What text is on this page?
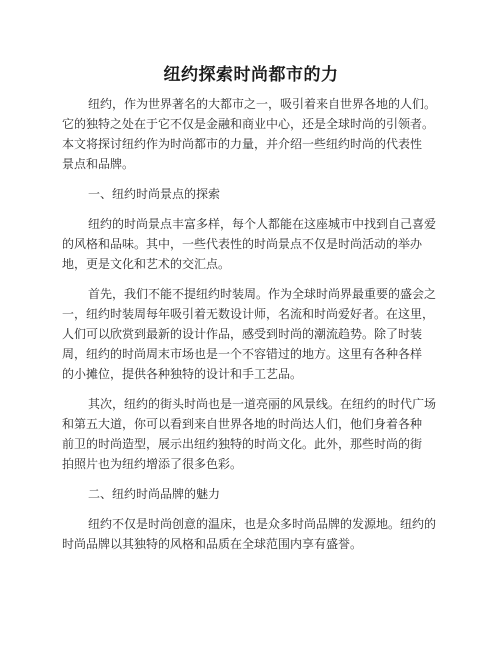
纽约探索时尚都市的力
纽约，作为世界著名的大都市之一，吸引着来自世界各地的人们。
它的独特之处在于它不仅是金融和商业中心，还是全球时尚的引领者。
本文将探讨纽约作为时尚都市的力量，并介绍一些纽约时尚的代表性
景点和品牌。
一、纽约时尚景点的探索
纽约的时尚景点丰富多样，每个人都能在这座城市中找到自己喜爱
的风格和品味。其中，一些代表性的时尚景点不仅是时尚活动的举办
地，更是文化和艺术的交汇点。
首先，我们不能不提纽约时装周。作为全球时尚界最重要的盛会之
一，纽约时装周每年吸引着无数设计师，名流和时尚爱好者。在这里，
人们可以欣赏到最新的设计作品，感受到时尚的潮流趋势。除了时装
周，纽约的时尚周末市场也是一个不容错过的地方。这里有各种各样
的小摊位，提供各种独特的设计和手工艺品。
其次，纽约的街头时尚也是一道亮丽的风景线。在纽约的时代广场
和第五大道，你可以看到来自世界各地的时尚达人们，他们身着各种
前卫的时尚造型，展示出纽约独特的时尚文化。此外，那些时尚的街
拍照片也为纽约增添了很多色彩。
二、纽约时尚品牌的魅力
纽约不仅是时尚创意的温床，也是众多时尚品牌的发源地。纽约的
时尚品牌以其独特的风格和品质在全球范围内享有盛誉。
